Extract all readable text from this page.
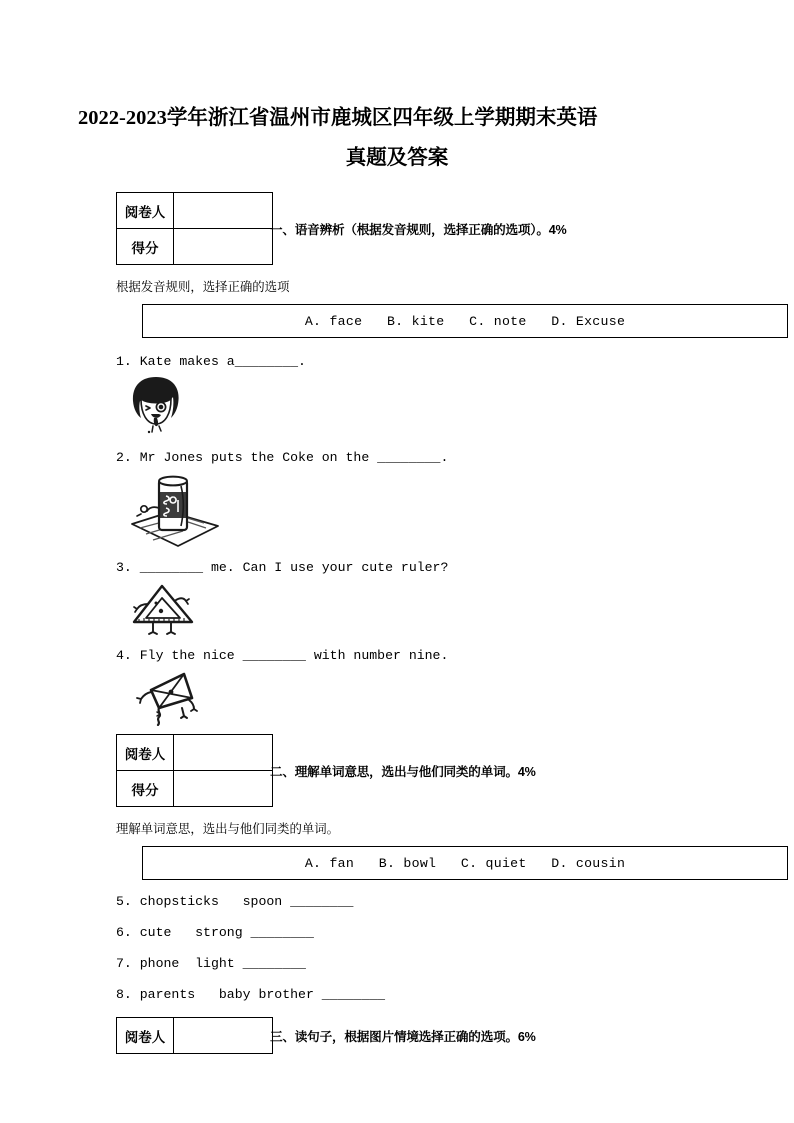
2022-2023学年浙江省温州市鹿城区四年级上学期期末英语
真题及答案
阅卷人	
得分	
一、语音辨析（根据发音规则，选择正确的选项）。4%
根据发音规则，选择正确的选项
A. face   B. kite   C. note   D. Excuse
1. Kate makes a________.
2. Mr Jones puts the Coke on the ________.
3. ________ me. Can I use your cute ruler?
4. Fly the nice ________ with number nine.
阅卷人	
得分	
二、理解单词意思，选出与他们同类的单词。4%
理解单词意思，选出与他们同类的单词。
A. fan   B. bowl   C. quiet   D. cousin
5. chopsticks   spoon ________
6. cute   strong ________
7. phone  light ________
8. parents   baby brother ________
阅卷人		三、读句子，根据图片情境选择正确的选项。6%
